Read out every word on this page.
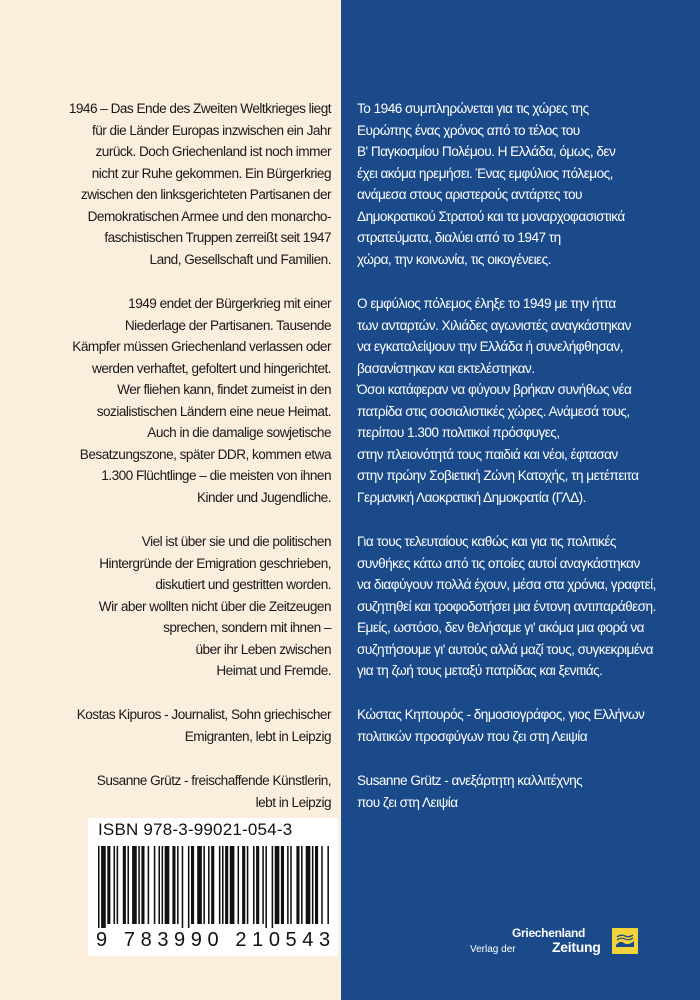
1946 – Das Ende des Zweiten Weltkrieges liegt
für die Länder Europas inzwischen ein Jahr
zurück. Doch Griechenland ist noch immer
nicht zur Ruhe gekommen. Ein Bürgerkrieg
zwischen den linksgerichteten Partisanen der
Demokratischen Armee und den monarcho-
faschistischen Truppen zerreißt seit 1947
Land, Gesellschaft und Familien.

1949 endet der Bürgerkrieg mit einer
Niederlage der Partisanen. Tausende
Kämpfer müssen Griechenland verlassen oder
werden verhaftet, gefoltert und hingerichtet.
Wer fliehen kann, findet zumeist in den
sozialistischen Ländern eine neue Heimat.
Auch in die damalige sowjetische
Besatzungszone, später DDR, kommen etwa
1.300 Flüchtlinge – die meisten von ihnen
Kinder und Jugendliche.

Viel ist über sie und die politischen
Hintergründe der Emigration geschrieben,
diskutiert und gestritten worden.
Wir aber wollten nicht über die Zeitzeugen
sprechen, sondern mit ihnen –
über ihr Leben zwischen
Heimat und Fremde.

Kostas Kipuros - Journalist, Sohn griechischer
Emigranten, lebt in Leipzig

Susanne Grütz - freischaffende Künstlerin,
lebt in Leipzig

ISBN 978-3-99021-054-3
9 783990 210543

Το 1946 συμπληρώνεται για τις χώρες της
Ευρώπης ένας χρόνος από το τέλος του
Β' Παγκοσμίου Πολέμου. Η Ελλάδα, όμως, δεν
έχει ακόμα ηρεμήσει. Ένας εμφύλιος πόλεμος,
ανάμεσα στους αριστερούς αντάρτες του
Δημοκρατικού Στρατού και τα μοναρχοφασιστικά
στρατεύματα, διαλύει από το 1947 τη
χώρα, την κοινωνία, τις οικογένειες.

Ο εμφύλιος πόλεμος έληξε το 1949 με την ήττα
των ανταρτών. Χιλιάδες αγωνιστές αναγκάστηκαν
να εγκαταλείψουν την Ελλάδα ή συνελήφθησαν,
βασανίστηκαν και εκτελέστηκαν.
Όσοι κατάφεραν να φύγουν βρήκαν συνήθως νέα
πατρίδα στις σοσιαλιστικές χώρες. Ανάμεσά τους,
περίπου 1.300 πολιτικοί πρόσφυγες,
στην πλειονότητά τους παιδιά και νέοι, έφτασαν
στην πρώην Σοβιετική Ζώνη Κατοχής, τη μετέπειτα
Γερμανική Λαοκρατική Δημοκρατία (ΓΛΔ).

Για τους τελευταίους καθώς και για τις πολιτικές
συνθήκες κάτω από τις οποίες αυτοί αναγκάστηκαν
να διαφύγουν πολλά έχουν, μέσα στα χρόνια, γραφτεί,
συζητηθεί και τροφοδοτήσει μια έντονη αντιπαράθεση.
Εμείς, ωστόσο, δεν θελήσαμε γι' ακόμα μια φορά να
συζητήσουμε γι' αυτούς αλλά μαζί τους, συγκεκριμένα
για τη ζωή τους μεταξύ πατρίδας και ξενιτιάς.

Κώστας Κηπουρός - δημοσιογράφος, γιος Ελλήνων
πολιτικών προσφύγων που ζει στη Λειψία

Susanne Grütz - ανεξάρτητη καλλιτέχνης
που ζει στη Λειψία

Verlag der
Griechenland
Zeitung
